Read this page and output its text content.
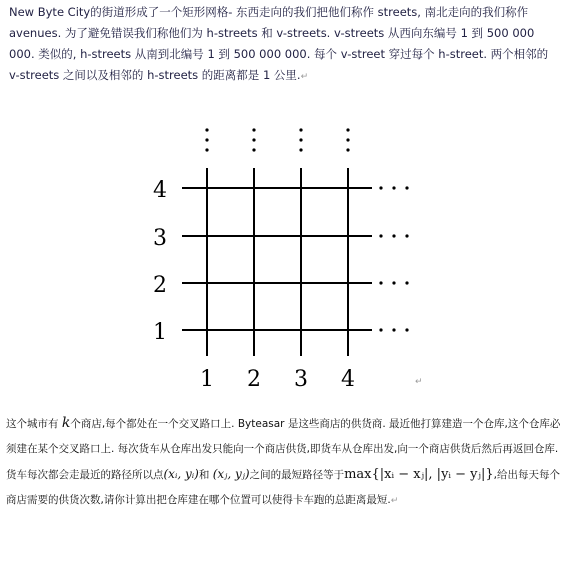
New Byte City的街道形成了一个矩形网格- 东西走向的我们把他们称作 streets, 南北走向的我们称作 avenues. 为了避免错误我们称他们为 h-streets 和 v-streets. v-streets 从西向东编号 1 到 500 000 000. 类似的, h-streets 从南到北编号 1 到 500 000 000. 每个 v-street 穿过每个 h-street. 两个相邻的 v-streets 之间以及相邻的 h-streets 的距离都是 1 公里.↵

4
3
2
1
1 2 3 4	↵

这个城市有 k个商店,每个都处在一个交叉路口上. Byteasar 是这些商店的供货商. 最近他打算建造一个仓库,这个仓库必须建在某个交叉路口上. 每次货车从仓库出发只能向一个商店供货,即货车从仓库出发,向一个商店供货后然后再返回仓库. 货车每次都会走最近的路径所以点(xᵢ, yᵢ)和 (xⱼ, yⱼ)之间的最短路径等于max{|xᵢ − xⱼ|, |yᵢ − yⱼ|},给出每天每个商店需要的供货次数,请你计算出把仓库建在哪个位置可以使得卡车跑的总距离最短.↵
